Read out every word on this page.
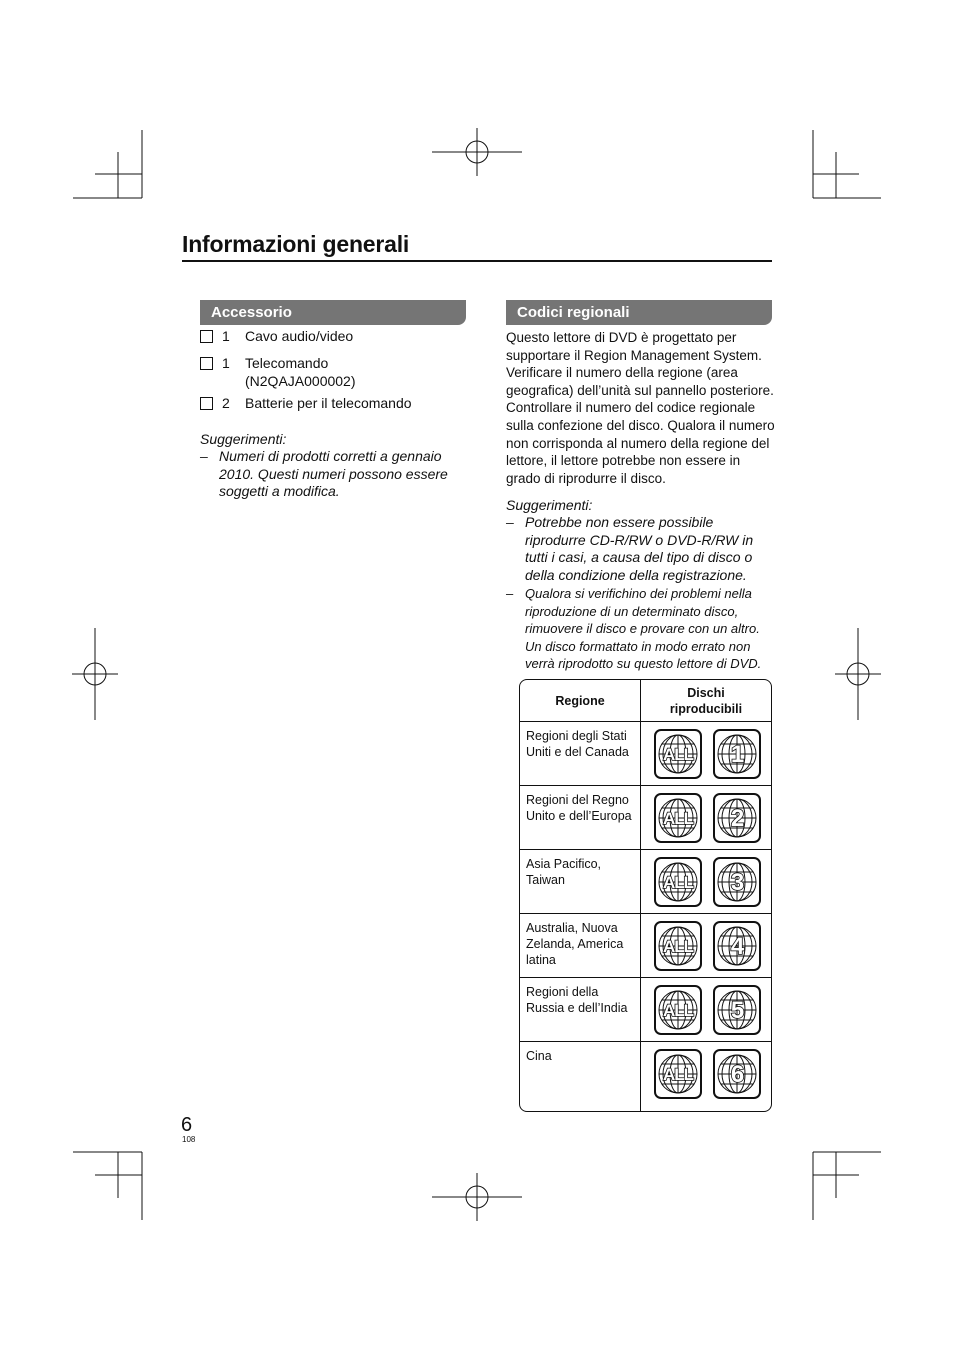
Informazioni generali
Accessorio
1 Cavo audio/video
1 Telecomando
(N2QAJA000002)
2 Batterie per il telecomando
Suggerimenti:
– Numeri di prodotti corretti a gennaio 2010. Questi numeri possono essere soggetti a modifica.
Codici regionali
Questo lettore di DVD è progettato per supportare il Region Management System. Verificare il numero della regione (area geografica) dell’unità sul pannello posteriore. Controllare il numero del codice regionale sulla confezione del disco. Qualora il numero non corrisponda al numero della regione del lettore, il lettore potrebbe non essere in grado di riprodurre il disco.
Suggerimenti:
– Potrebbe non essere possibile riprodurre CD-R/RW o DVD-R/RW in tutti i casi, a causa del tipo di disco o della condizione della registrazione.
– Qualora si verifichino dei problemi nella riproduzione di un determinato disco, rimuovere il disco e provare con un altro. Un disco formattato in modo errato non verrà riprodotto su questo lettore di DVD.
Regione	Dischi riproducibili
Regioni degli Stati Uniti e del Canada	ALL 1

Regioni del Regno Unito e dell’Europa	ALL 2

Asia Pacifico, Taiwan	ALL 3

Australia, Nuova Zelanda, America latina	ALL 4

Regioni della Russia e dell’India	ALL 5

Cina	ALL 6
6
108
